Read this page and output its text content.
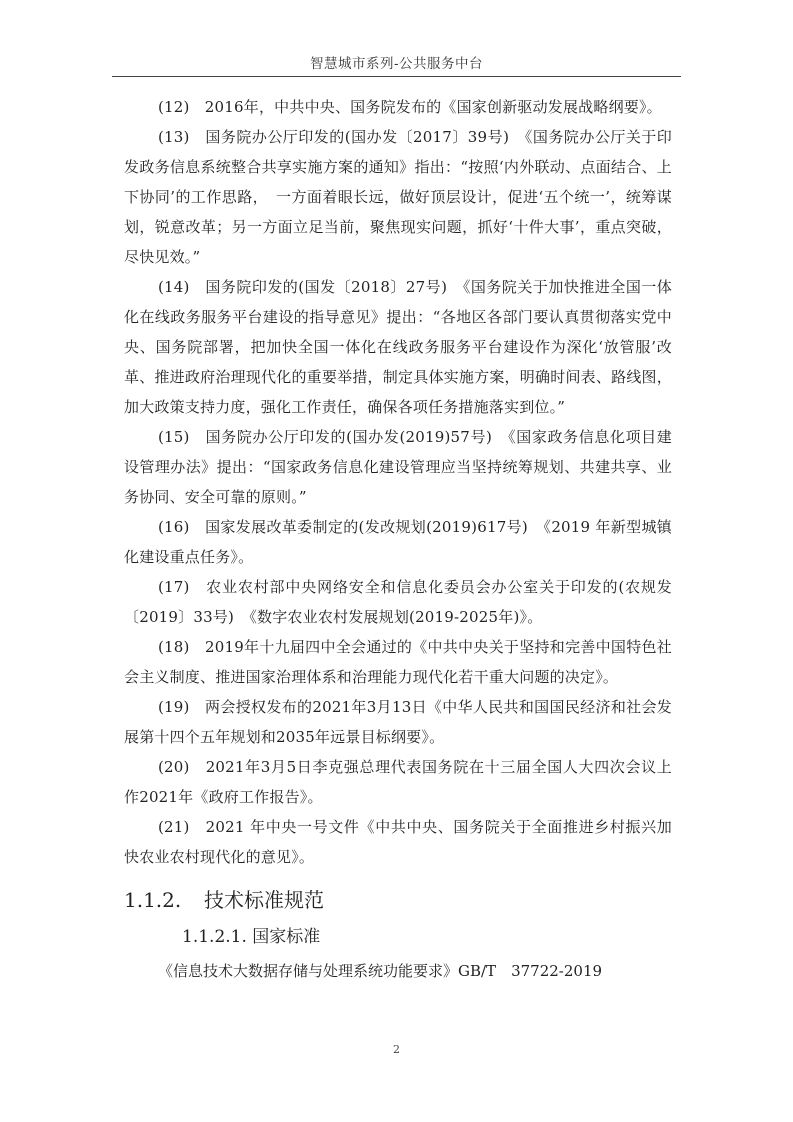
智慧城市系列-公共服务中台

(12)　2016年，中共中央、国务院发布的《国家创新驱动发展战略纲要》。

(13)　国务院办公厅印发的(国办发〔2017〕39号)　《国务院办公厅关于印发政务信息系统整合共享实施方案的通知》指出：“按照‘内外联动、点面结合、上下协同’的工作思路，　一方面着眼长远，做好顶层设计，促进‘五个统一’，统筹谋划，锐意改革；另一方面立足当前，聚焦现实问题，抓好‘十件大事’，重点突破，尽快见效。”

(14)　国务院印发的(国发〔2018〕27号)　《国务院关于加快推进全国一体化在线政务服务平台建设的指导意见》提出：“各地区各部门要认真贯彻落实党中央、国务院部署，把加快全国一体化在线政务服务平台建设作为深化‘放管服’改革、推进政府治理现代化的重要举措，制定具体实施方案，明确时间表、路线图，加大政策支持力度，强化工作责任，确保各项任务措施落实到位。”

(15)　国务院办公厅印发的(国办发(2019)57号)　《国家政务信息化项目建设管理办法》提出：“国家政务信息化建设管理应当坚持统筹规划、共建共享、业务协同、安全可靠的原则。”

(16)　国家发展改革委制定的(发改规划(2019)617号)　《2019 年新型城镇化建设重点任务》。

(17)　农业农村部中央网络安全和信息化委员会办公室关于印发的(农规发〔2019〕33号)　《数字农业农村发展规划(2019-2025年)》。

(18)　2019年十九届四中全会通过的《中共中央关于坚持和完善中国特色社会主义制度、推进国家治理体系和治理能力现代化若干重大问题的决定》。

(19)　两会授权发布的2021年3月13日《中华人民共和国国民经济和社会发展第十四个五年规划和2035年远景目标纲要》。

(20)　2021年3月5日李克强总理代表国务院在十三届全国人大四次会议上作2021年《政府工作报告》。

(21)　2021 年中央一号文件《中共中央、国务院关于全面推进乡村振兴加快农业农村现代化的意见》。

1.1.2. 技术标准规范
1.1.2.1. 国家标准

《信息技术大数据存储与处理系统功能要求》GB/T　37722-2019

2
